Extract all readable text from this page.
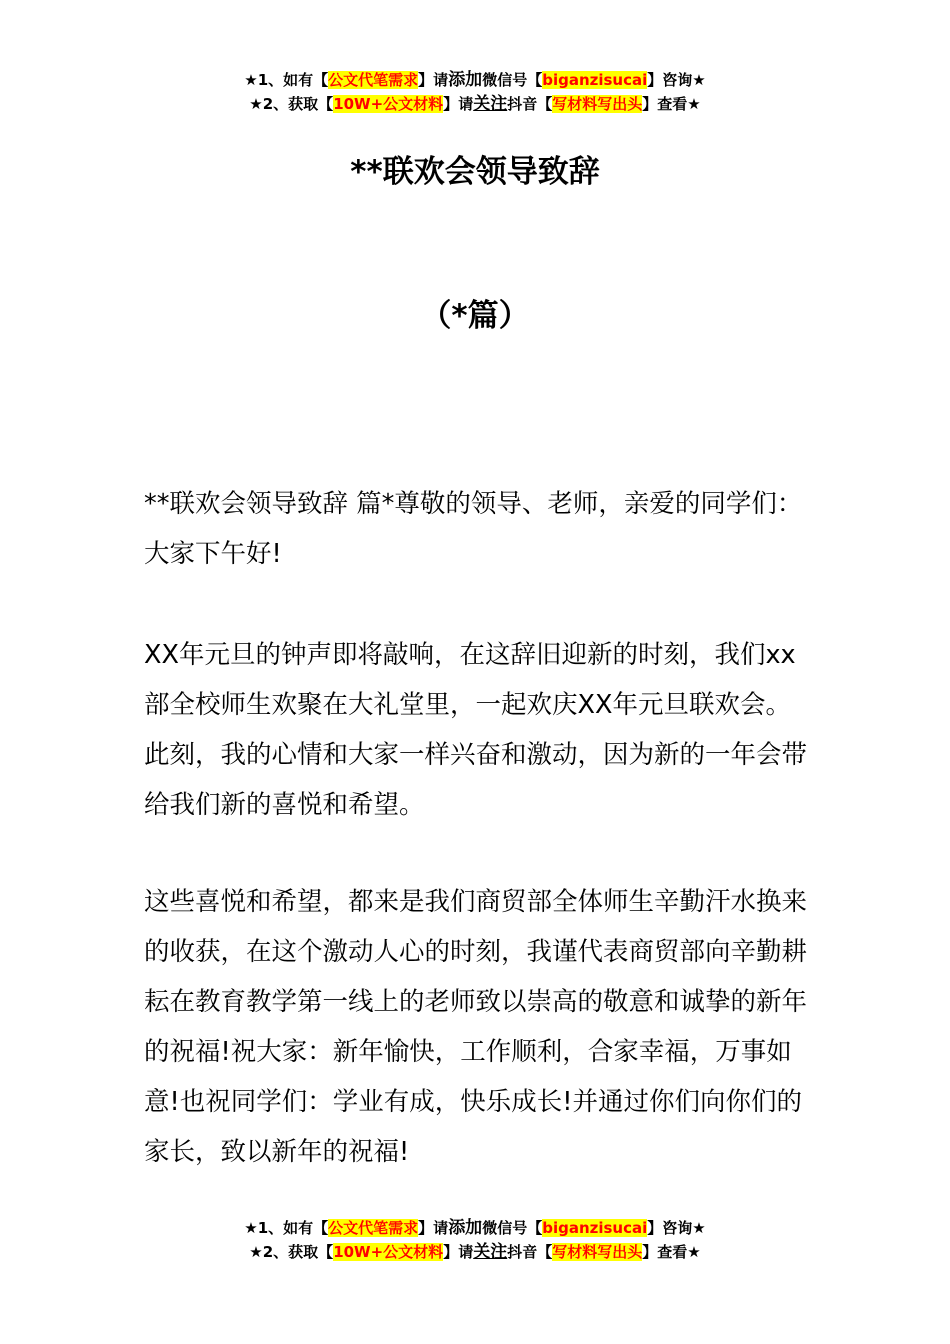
★1、如有【公文代笔需求】请添加微信号【biganzisucai】咨询★
★2、获取【10W+公文材料】请关注抖音【写材料写出头】查看★
**联欢会领导致辞
（*篇）

**联欢会领导致辞 篇*尊敬的领导、老师，亲爱的同学们：大家下午好!

XX年元旦的钟声即将敲响，在这辞旧迎新的时刻，我们xx部全校师生欢聚在大礼堂里，一起欢庆XX年元旦联欢会。此刻，我的心情和大家一样兴奋和激动，因为新的一年会带给我们新的喜悦和希望。

这些喜悦和希望，都来是我们商贸部全体师生辛勤汗水换来的收获，在这个激动人心的时刻，我谨代表商贸部向辛勤耕耘在教育教学第一线上的老师致以崇高的敬意和诚挚的新年的祝福!祝大家：新年愉快，工作顺利，合家幸福，万事如意!也祝同学们：学业有成，快乐成长!并通过你们向你们的家长，致以新年的祝福!

★1、如有【公文代笔需求】请添加微信号【biganzisucai】咨询★
★2、获取【10W+公文材料】请关注抖音【写材料写出头】查看★
